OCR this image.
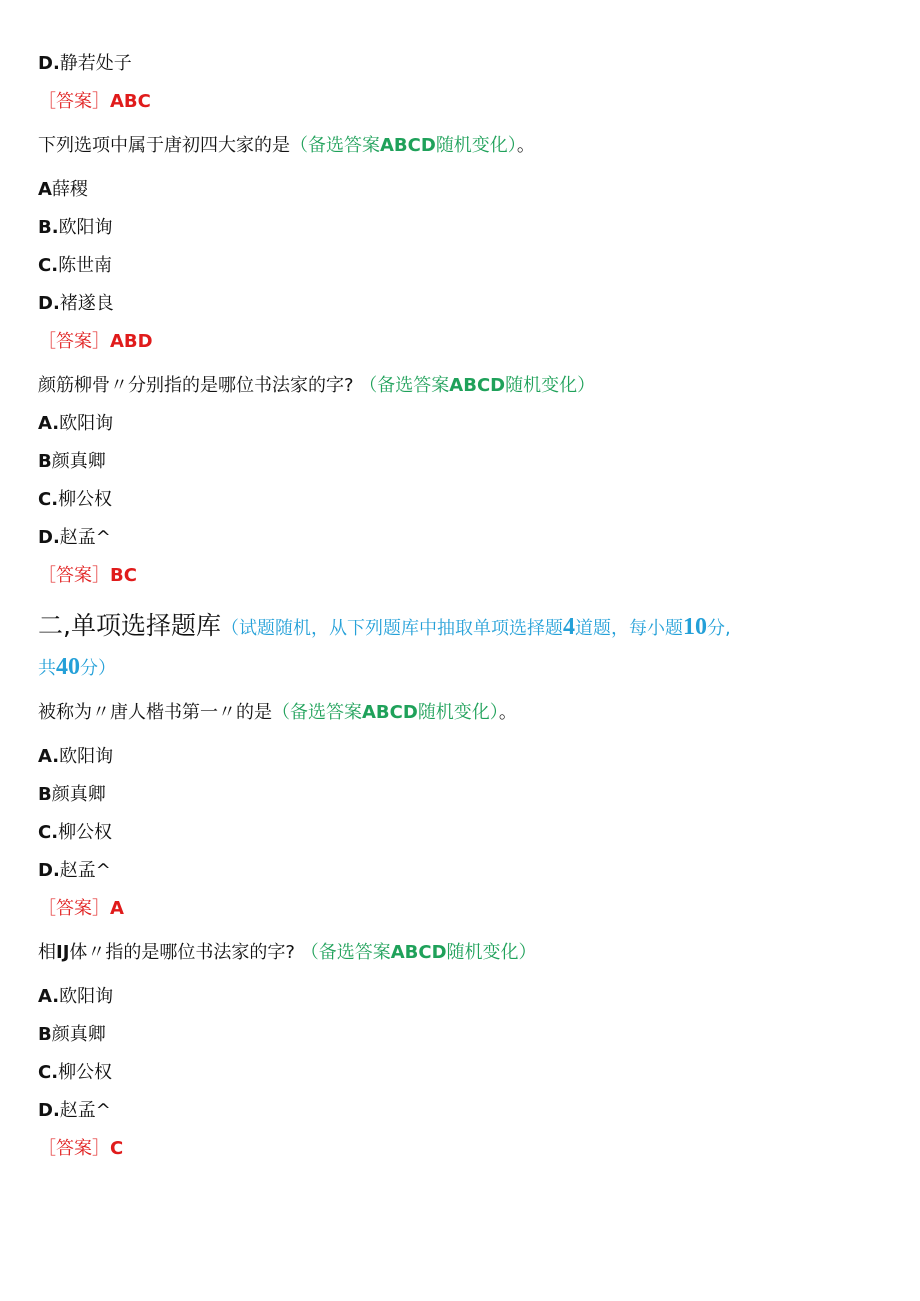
D.静若处子
［答案］ABC
下列选项中属于唐初四大家的是（备选答案ABCD随机变化）。
A薛稷
B.欧阳询
C.陈世南
D.褚遂良
［答案］ABD
颜筋柳骨〃分别指的是哪位书法家的字? （备选答案ABCD随机变化）
A.欧阳询
B颜真卿
C.柳公权
D.赵孟^
［答案］BC
二,单项选择题库（试题随机，从下列题库中抽取单项选择题4道题，每小题10分,
共40分）
被称为〃唐人楷书第一〃的是（备选答案ABCD随机变化）。
A.欧阳询
B颜真卿
C.柳公权
D.赵孟^
［答案］A
相IJ体〃指的是哪位书法家的字? （备选答案ABCD随机变化）
A.欧阳询
B颜真卿
C.柳公权
D.赵孟^
［答案］C
